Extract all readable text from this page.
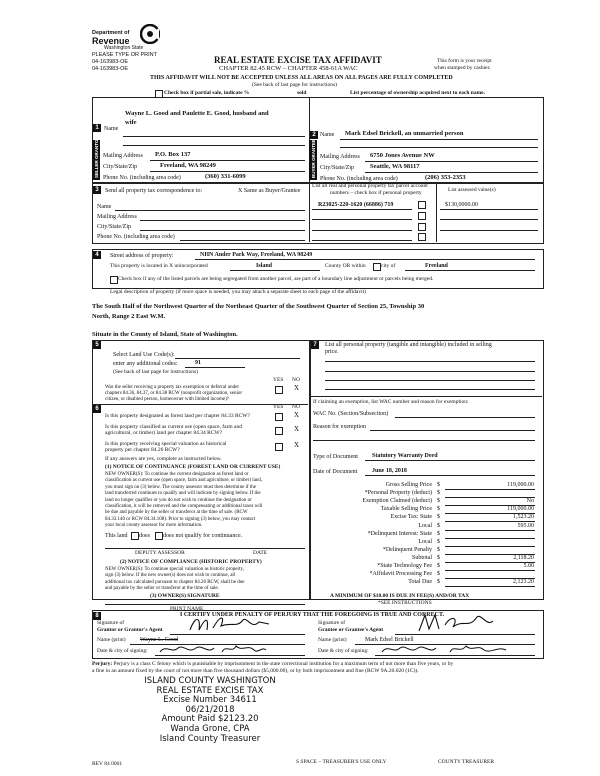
Department of
Revenue
Washington State
PLEASE TYPE OR PRINT
04-163983-OE
04-163983-OE
REAL ESTATE EXCISE TAX AFFIDAVIT
CHAPTER 82.45 RCW – CHAPTER 458-61A WAC
This form is your receipt
when stamped by cashier.
THIS AFFIDAVIT WILL NOT BE ACCEPTED UNLESS ALL AREAS ON ALL PAGES ARE FULLY COMPLETED
(See back of last page for instructions)
Check box if partial sale, indicate %	sold	List percentage of ownership acquired next to each name.
SELLER GRANTOR
1 Name
Wayne L. Good and Paulette E. Good, husband and
wife
Mailing Address P.O. Box 137
City/State/Zip	Freeland, WA 98249
Phone No. (including area code)	(360) 331-6099	BUYER GRANTEE
2 Name Mark Edsel Brickell, an unmarried person
Mailing Address 6750 Jones Avenue NW
City/State/Zip Seattle, WA 98117
Phone No. (including area code)	(206) 353-2353
3	Send all property tax correspondence to:	X Same as Buyer/Grantee
Name
Mailing Address
City/State/Zip
Phone No. (including area code)
List all real and personal property tax parcel account
numbers – check box if personal property	List assessed value(s)
R23025-220-1620 (66886) 719	$130,0000.00
4	Street address of property:	NHN Ander Park Way, Freeland, WA 98249
This property is located in X unincorporated	Island	County OR within	city of	Freeland
Check box if any of the listed parcels are being segregated from another parcel, are part of a boundary line adjustment or parcels being merged.
Legal description of property (if more space is needed, you may attach a separate sheet to each page of the affidavit)
The South Half of the Northwest Quarter of the Northeast Quarter of the Southwest Quarter of Section 25, Township 30
North, Range 2 East W.M.
Situate in the County of Island, State of Washington.
5
Select Land Use Code(s):
enter any additional codes:	91
(See back of last page for instructions)
YES NO
Was the seller receiving a property tax exemption or deferral under
chapters 84.36, 84.37, or 84.38 RCW (nonprofit organization, senior
citizen, or disabled person, homeowner with limited income)?
X
6	YES NO
Is this property designated as forest land per chapter 84.33 RCW?	X
Is this property classified as current use (open space, farm and
agricultural, or timber) land per chapter 84.34 RCW?	X
Is this property receiving special valuation as historical
property per chapter 84.26 RCW?
X
If any answers are yes, complete as instructed below.
(1) NOTICE OF CONTINUANCE (FOREST LAND OR CURRENT USE)
NEW OWNER(S): To continue the current designation as forest land or
classification as current use (open space, farm and agriculture, or timber) land,
you must sign on (3) below. The county assessor must then determine if the
land transferred continues to qualify and will indicate by signing below. If the
land no longer qualifies or you do not wish to continue the designation or
classification, it will be removed and the compensating or additional taxes will
be due and payable by the seller or transferor at the time of sale. (RCW
84.33.140 or RCW 84.34.108). Prior to signing (3) below, you may contact
your local county assessor for more information.
This land does does not qualify for continuance.
DEPUTY ASSESSOR	DATE
(2) NOTICE OF COMPLIANCE (HISTORIC PROPERTY)
NEW OWNER(S): To continue special valuation as historic property,
sign (3) below. If the new owner(s) does not wish to continue, all
additional tax calculated pursuant to chapter 84.26 RCW, shall be due
and payable by the seller or transferor at the time of sale.
(3) OWNER(S) SIGNATURE
PRINT NAME
7	List all personal property (tangible and intangible) included in selling
price.
If claiming an exemption, list WAC number and reason for exemption:
WAC No. (Section/Subsection)
Reason for exemption
Type of Document Statutory Warranty Deed
Date of Document June 18, 2018
Gross Selling Price $	119,000.00
*Personal Property (deduct) $
Exemption Claimed (deduct) $	No
Taxable Selling Price $	119,000.00
Excise Tax: State $	1,523.20
Local $	595.00
*Delinquent Interest: State $
Local $
*Delinquent Penalty $
Subtotal $	2,118.20
*State Technology Fee $	5.00
*Affidavit Processing Fee $
Total Due $	2,123.20
A MINIMUM OF $10.00 IS DUE IN FEE(S) AND/OR TAX
*SEE INSTRUCTIONS
8	I CERTIFY UNDER PENALTY OF PERJURY THAT THE FOREGOING IS TRUE AND CORRECT.
Signature of
Grantor or Grantor's Agent
Signature of
Grantee or Grantee's Agent
Name (print) Wayne L. Good	Name (print)	Mark Edsel Brickell
Date & city of signing:	Date & city of signing:
Perjury: Perjury is a class C felony which is punishable by imprisonment in the state correctional institution for a maximum term of not more than five years, or by
a fine in an amount fixed by the court of not more than five thousand dollars ($5,000.00), or by both imprisonment and fine (RCW 9A.20.020 (1C)).
ISLAND COUNTY WASHINGTON
REAL ESTATE EXCISE TAX
Excise Number 34611
06/21/2018
Amount Paid $2123.20
Wanda Grone, CPA
Island County Treasurer
REV 84 0001	S SPACE – TREASURER'S USE ONLY	COUNTY TREASURER
